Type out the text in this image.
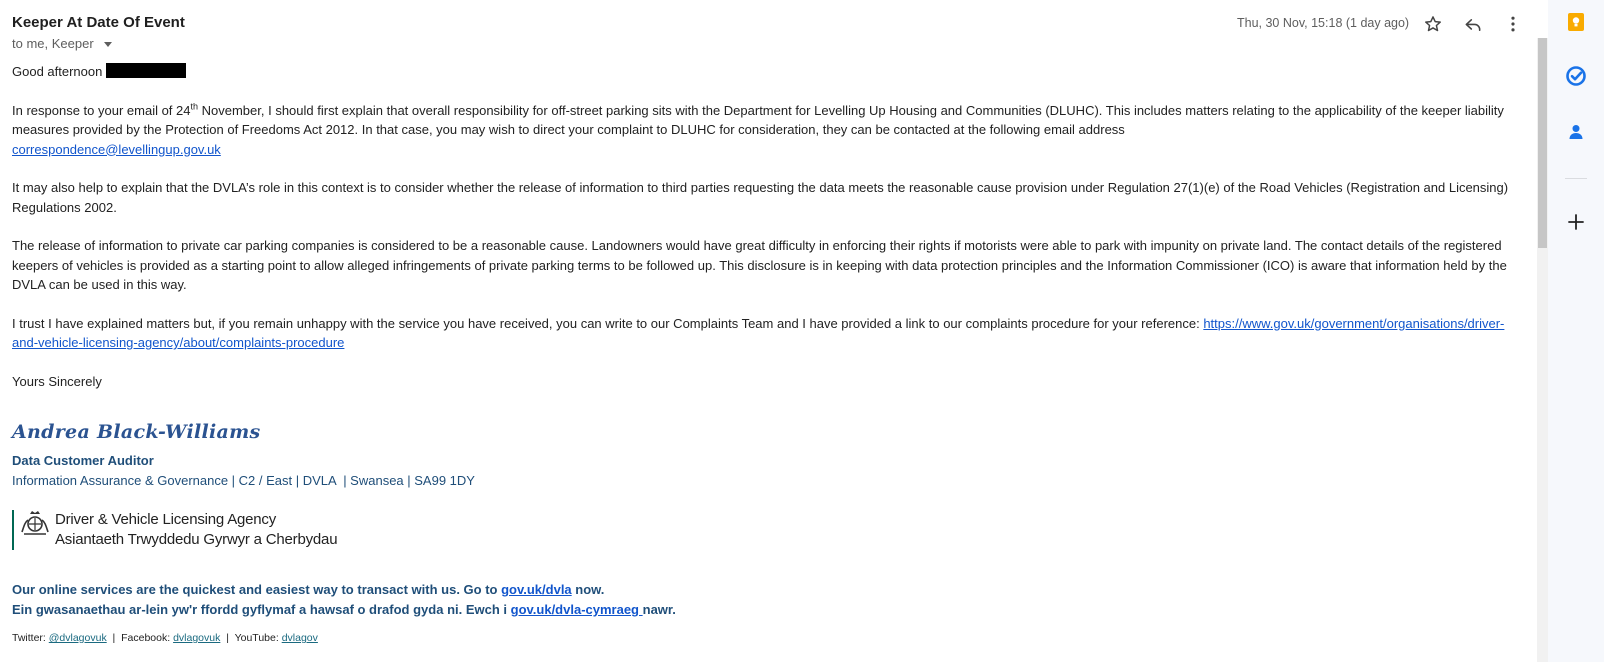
Keeper At Date Of Event
to me, Keeper
Thu, 30 Nov, 15:18 (1 day ago)

Good afternoon

In response to your email of 24th November, I should first explain that overall responsibility for off-street parking sits with the Department for Levelling Up Housing and Communities (DLUHC). This includes matters relating to the applicability of the keeper liability measures provided by the Protection of Freedoms Act 2012. In that case, you may wish to direct your complaint to DLUHC for consideration, they can be contacted at the following email address
correspondence@levellingup.gov.uk

It may also help to explain that the DVLA’s role in this context is to consider whether the release of information to third parties requesting the data meets the reasonable cause provision under Regulation 27(1)(e) of the Road Vehicles (Registration and Licensing) Regulations 2002.

The release of information to private car parking companies is considered to be a reasonable cause. Landowners would have great difficulty in enforcing their rights if motorists were able to park with impunity on private land. The contact details of the registered keepers of vehicles is provided as a starting point to allow alleged infringements of private parking terms to be followed up. This disclosure is in keeping with data protection principles and the Information Commissioner (ICO) is aware that information held by the DVLA can be used in this way.

I trust I have explained matters but, if you remain unhappy with the service you have received, you can write to our Complaints Team and I have provided a link to our complaints procedure for your reference: https://www.gov.uk/government/organisations/driver-and-vehicle-licensing-agency/about/complaints-procedure

Yours Sincerely

Andrea Black-Williams
Data Customer Auditor
Information Assurance & Governance | C2 / East | DVLA  | Swansea | SA99 1DY
Driver & Vehicle Licensing Agency
Asiantaeth Trwyddedu Gyrwyr a Cherbydau
Our online services are the quickest and easiest way to transact with us. Go to gov.uk/dvla now.
Ein gwasanaethau ar-lein yw'r ffordd gyflymaf a hawsaf o drafod gyda ni. Ewch i gov.uk/dvla-cymraeg nawr.
Twitter: @dvlagovuk  |  Facebook: dvlagovuk  |  YouTube: dvlagov
